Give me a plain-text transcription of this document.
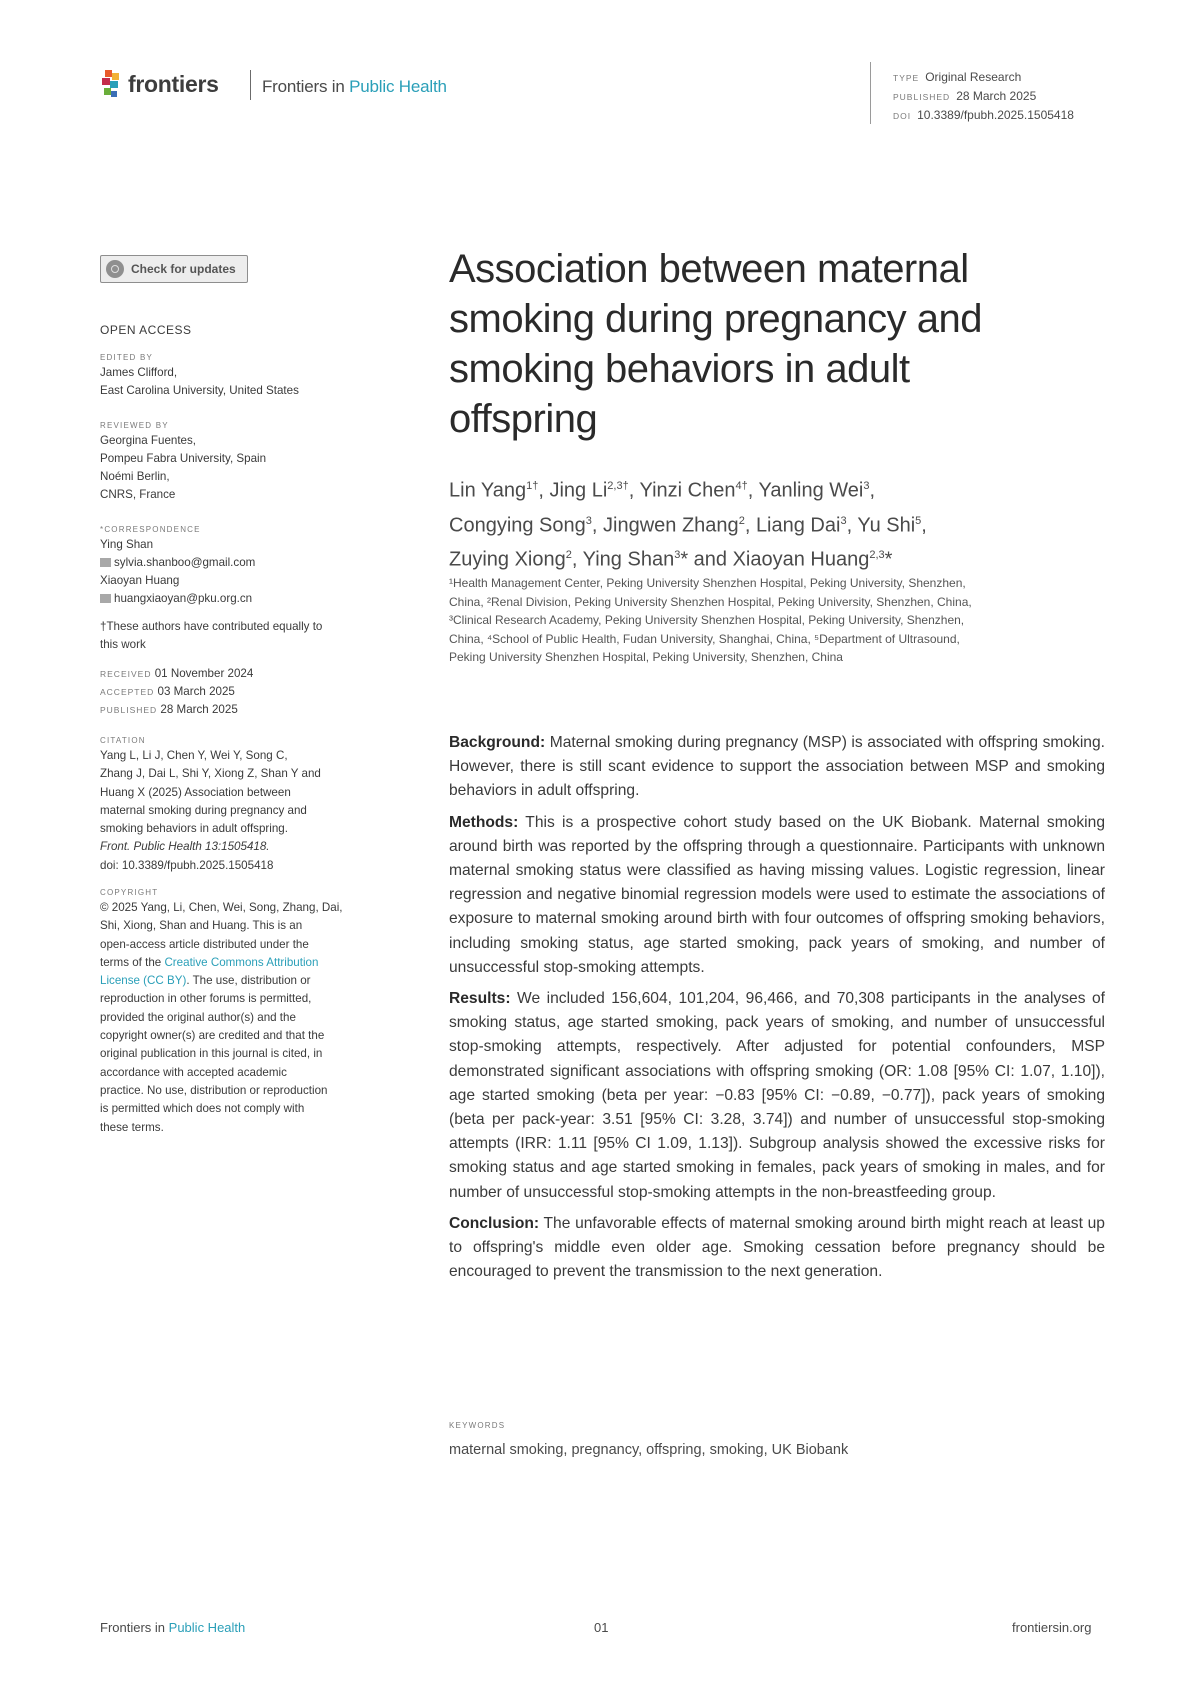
frontiers	Frontiers in Public Health	TYPE Original Research
PUBLISHED 28 March 2025
DOI 10.3389/fpubh.2025.1505418
Check for updates
OPEN ACCESS
EDITED BY
James Clifford,
East Carolina University, United States
REVIEWED BY
Georgina Fuentes,
Pompeu Fabra University, Spain
Noémi Berlin,
CNRS, France
*CORRESPONDENCE
Ying Shan
sylvia.shanboo@gmail.com
Xiaoyan Huang
huangxiaoyan@pku.org.cn
†These authors have contributed equally to
this work
RECEIVED 01 November 2024
ACCEPTED 03 March 2025
PUBLISHED 28 March 2025
CITATION
Yang L, Li J, Chen Y, Wei Y, Song C,
Zhang J, Dai L, Shi Y, Xiong Z, Shan Y and
Huang X (2025) Association between
maternal smoking during pregnancy and
smoking behaviors in adult offspring.
Front. Public Health 13:1505418.
doi: 10.3389/fpubh.2025.1505418
COPYRIGHT
© 2025 Yang, Li, Chen, Wei, Song, Zhang, Dai,
Shi, Xiong, Shan and Huang. This is an
open-access article distributed under the
terms of the Creative Commons Attribution
License (CC BY). The use, distribution or
reproduction in other forums is permitted,
provided the original author(s) and the
copyright owner(s) are credited and that the
original publication in this journal is cited, in
accordance with accepted academic
practice. No use, distribution or reproduction
is permitted which does not comply with
these terms.
Association between maternal
smoking during pregnancy and
smoking behaviors in adult
offspring
Lin Yang$^{1\dagger}$, Jing $Li^{2,3\dagger}$, Yinzi Chen$^{4\dagger}$, Yanling Wei$^3$,
Congying Song$^3$, Jingwen Zhang$^2$, Liang Dai$^3$, Yu Shi$^5$,
Zuying Xiong$^2$, Ying Shan$^3$* and Xiaoyan Huang$^{2,3}$*
¹Health Management Center, Peking University Shenzhen Hospital, Peking University, Shenzhen,
China, ²Renal Division, Peking University Shenzhen Hospital, Peking University, Shenzhen, China,
³Clinical Research Academy, Peking University Shenzhen Hospital, Peking University, Shenzhen,
China, ⁴School of Public Health, Fudan University, Shanghai, China, ⁵Department of Ultrasound,
Peking University Shenzhen Hospital, Peking University, Shenzhen, China

Background: Maternal smoking during pregnancy (MSP) is associated with offspring smoking. However, there is still scant evidence to support the association between MSP and smoking behaviors in adult offspring.

Methods: This is a prospective cohort study based on the UK Biobank. Maternal smoking around birth was reported by the offspring through a questionnaire. Participants with unknown maternal smoking status were classified as having missing values. Logistic regression, linear regression and negative binomial regression models were used to estimate the associations of exposure to maternal smoking around birth with four outcomes of offspring smoking behaviors, including smoking status, age started smoking, pack years of smoking, and number of unsuccessful stop-smoking attempts.

Results: We included 156,604, 101,204, 96,466, and 70,308 participants in the analyses of smoking status, age started smoking, pack years of smoking, and number of unsuccessful stop-smoking attempts, respectively. After adjusted for potential confounders, MSP demonstrated significant associations with offspring smoking (OR: 1.08 [95% CI: 1.07, 1.10]), age started smoking (beta per year: −0.83 [95% CI: −0.89, −0.77]), pack years of smoking (beta per pack-year: 3.51 [95% CI: 3.28, 3.74]) and number of unsuccessful stop-smoking attempts (IRR: 1.11 [95% CI 1.09, 1.13]). Subgroup analysis showed the excessive risks for smoking status and age started smoking in females, pack years of smoking in males, and for number of unsuccessful stop-smoking attempts in the non-breastfeeding group.

Conclusion: The unfavorable effects of maternal smoking around birth might reach at least up to offspring's middle even older age. Smoking cessation before pregnancy should be encouraged to prevent the transmission to the next generation.

KEYWORDS
maternal smoking, pregnancy, offspring, smoking, UK Biobank
Frontiers in Public Health	01	frontiersin.org
